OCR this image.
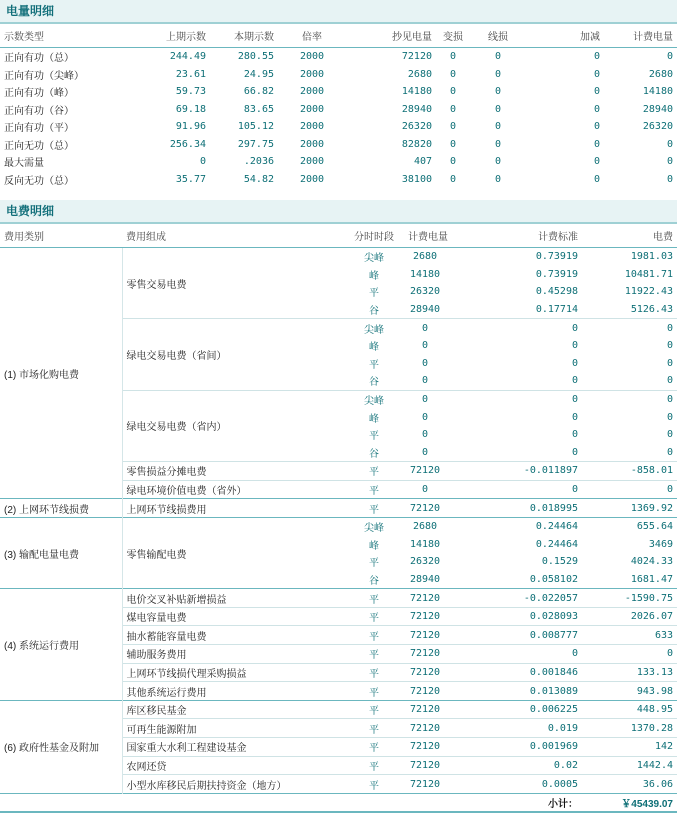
电量明细
示数类型	上期示数	本期示数	倍率	抄见电量	变损	线损	加减	计费电量
正向有功（总）	244.49	280.55	2000	72120	0	0	0	0
正向有功（尖峰）	23.61	24.95	2000	2680	0	0	0	2680
正向有功（峰）	59.73	66.82	2000	14180	0	0	0	14180
正向有功（谷）	69.18	83.65	2000	28940	0	0	0	28940
正向有功（平）	91.96	105.12	2000	26320	0	0	0	26320
正向无功（总）	256.34	297.75	2000	82820	0	0	0	0
最大需量	0	.2036	2000	407	0	0	0	0
反向无功（总）	35.77	54.82	2000	38100	0	0	0	0
电费明细
费用类别	费用组成	分时时段	计费电量	计费标准	电费
(1) 市场化购电费	零售交易电费	尖峰	2680	0.73919	1981.03
		峰	14180	0.73919	10481.71
		平	26320	0.45298	11922.43
		谷	28940	0.17714	5126.43
	绿电交易电费（省间）	尖峰	0	0	0
		峰	0	0	0
		平	0	0	0
		谷	0	0	0
	绿电交易电费（省内）	尖峰	0	0	0
		峰	0	0	0
		平	0	0	0
		谷	0	0	0
	零售损益分摊电费	平	72120	-0.011897	-858.01
	绿电环境价值电费（省外）	平	0	0	0
(2) 上网环节线损费	上网环节线损费用	平	72120	0.018995	1369.92
(3) 输配电量电费	零售输配电费	尖峰	2680	0.24464	655.64
		峰	14180	0.24464	3469
		平	26320	0.1529	4024.33
		谷	28940	0.058102	1681.47
(4) 系统运行费用	电价交叉补贴新增损益	平	72120	-0.022057	-1590.75
	煤电容量电费	平	72120	0.028093	2026.07
	抽水蓄能容量电费	平	72120	0.008777	633
	辅助服务费用	平	72120	0	0
	上网环节线损代理采购损益	平	72120	0.001846	133.13
	其他系统运行费用	平	72120	0.013089	943.98
(6) 政府性基金及附加	库区移民基金	平	72120	0.006225	448.95
	可再生能源附加	平	72120	0.019	1370.28
	国家重大水利工程建设基金	平	72120	0.001969	142
	农网还贷	平	72120	0.02	1442.4
	小型水库移民后期扶持资金（地方）	平	72120	0.0005	36.06
				小计：	￥45439.07
